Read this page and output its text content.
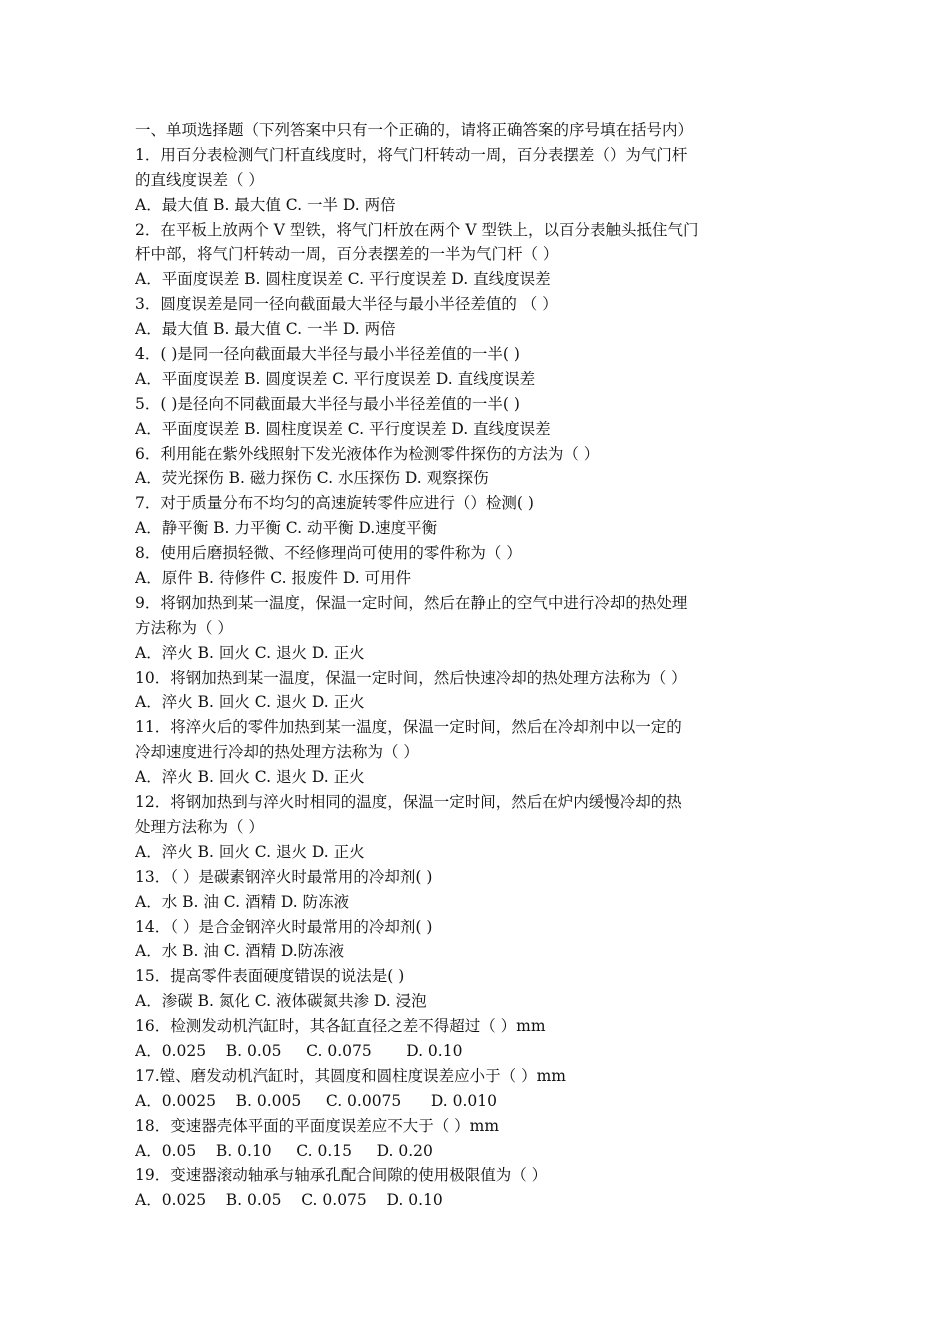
一、单项选择题（下列答案中只有一个正确的，请将正确答案的序号填在括号内）
1．用百分表检测气门杆直线度时，将气门杆转动一周，百分表摆差（）为气门杆
的直线度误差（ ）
A．最大值 B. 最大值 C. 一半 D. 两倍
2．在平板上放两个 V 型铁，将气门杆放在两个 V 型铁上，以百分表触头抵住气门
杆中部，将气门杆转动一周，百分表摆差的一半为气门杆（ ）
A．平面度误差 B. 圆柱度误差 C. 平行度误差 D. 直线度误差
3．圆度误差是同一径向截面最大半径与最小半径差值的 （ ）
A．最大值 B. 最大值 C. 一半 D. 两倍
4．( )是同一径向截面最大半径与最小半径差值的一半( )
A．平面度误差 B. 圆度误差 C. 平行度误差 D. 直线度误差
5．( )是径向不同截面最大半径与最小半径差值的一半( )
A．平面度误差 B. 圆柱度误差 C. 平行度误差 D. 直线度误差
6．利用能在紫外线照射下发光液体作为检测零件探伤的方法为（ ）
A．荧光探伤 B. 磁力探伤 C. 水压探伤 D. 观察探伤
7．对于质量分布不均匀的高速旋转零件应进行（）检测( )
A．静平衡 B. 力平衡 C. 动平衡 D.速度平衡
8．使用后磨损轻微、不经修理尚可使用的零件称为（ ）
A．原件 B. 待修件 C. 报废件 D. 可用件
9．将钢加热到某一温度，保温一定时间，然后在静止的空气中进行冷却的热处理
方法称为（ ）
A．淬火 B. 回火 C. 退火 D. 正火
10．将钢加热到某一温度，保温一定时间，然后快速冷却的热处理方法称为（ ）
A．淬火 B. 回火 C. 退火 D. 正火
11．将淬火后的零件加热到某一温度，保温一定时间，然后在冷却剂中以一定的
冷却速度进行冷却的热处理方法称为（ ）
A．淬火 B. 回火 C. 退火 D. 正火
12．将钢加热到与淬火时相同的温度，保温一定时间，然后在炉内缓慢冷却的热
处理方法称为（ ）
A．淬火 B. 回火 C. 退火 D. 正火
13．（ ）是碳素钢淬火时最常用的冷却剂( )
A．水 B. 油 C. 酒精 D. 防冻液
14．（ ）是合金钢淬火时最常用的冷却剂( )
A．水 B. 油 C. 酒精 D.防冻液
15．提高零件表面硬度错误的说法是( )
A．渗碳 B. 氮化 C. 液体碳氮共渗 D. 浸泡
16．检测发动机汽缸时，其各缸直径之差不得超过（ ）mm
A．0.025    B. 0.05     C. 0.075       D. 0.10
17.镗、磨发动机汽缸时，其圆度和圆柱度误差应小于（ ）mm
A．0.0025    B. 0.005     C. 0.0075      D. 0.010
18．变速器壳体平面的平面度误差应不大于（ ）mm
A．0.05    B. 0.10     C. 0.15     D. 0.20
19．变速器滚动轴承与轴承孔配合间隙的使用极限值为（ ）
A．0.025    B. 0.05    C. 0.075    D. 0.10
